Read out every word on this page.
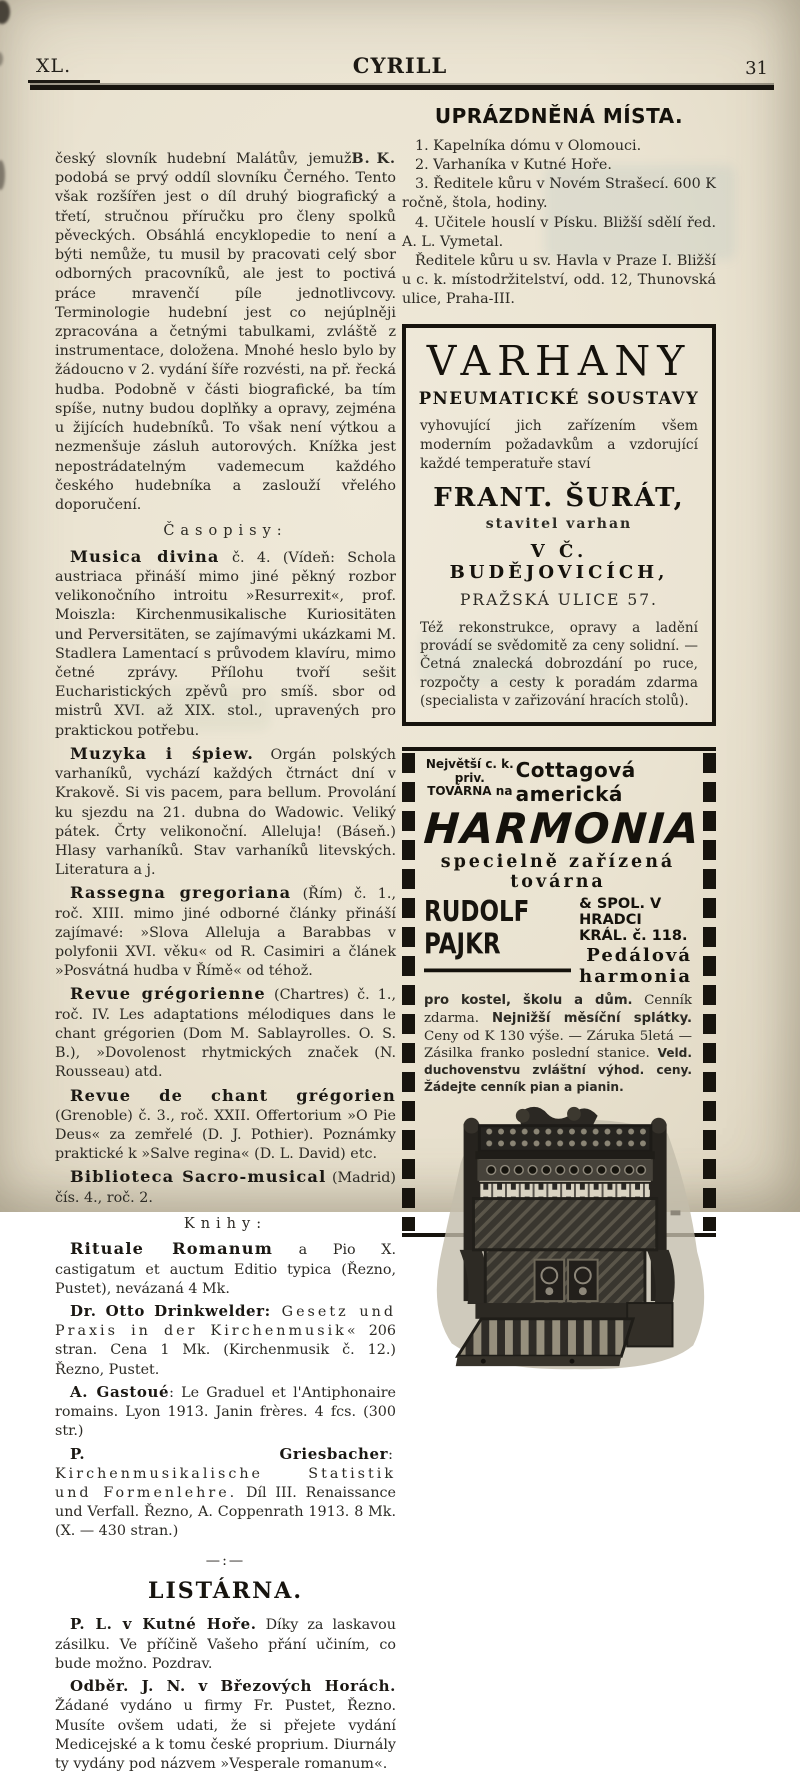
XL.	CYRILL	31

B. K.
český slovník hudební Malátův, jemuž podobá se prvý oddíl slovníku Černého. Tento však rozšířen jest o díl druhý biografický a třetí, stručnou příručku pro členy spolků pěveckých. Obsáhlá encyklopedie to není a býti nemůže, tu musil by pracovati celý sbor odborných pracovníků, ale jest to poctivá práce mravenčí píle jednotlivcovy. Terminologie hudební jest co nejúplněji zpracována a četnými tabulkami, zvláště z instrumentace, doložena. Mnohé heslo bylo by žádoucno v 2. vydání šíře rozvésti, na př. řecká hudba. Podobně v části biografické, ba tím spíše, nutny budou doplňky a opravy, zejména u žijících hudebníků. To však není výtkou a nezmenšuje zásluh autorových. Knížka jest nepostrádatelným vademecum každého českého hudebníka a zaslouží vřelého doporučení.

Časopisy:

Musica divina č. 4. (Vídeň: Schola austriaca přináší mimo jiné pěkný rozbor velikonočního introitu »Resurrexit«, prof. Moiszla: Kirchenmusikalische Kuriositäten und Perversitäten, se zajímavými ukázkami M. Stadlera Lamentací s průvodem klavíru, mimo četné zprávy. Přílohu tvoří sešit Eucharistických zpěvů pro smíš. sbor od mistrů XVI. až XIX. stol., upravených pro praktickou potřebu.

Muzyka i śpiew. Orgán polských varhaníků, vychází každých čtrnáct dní v Krakově. Si vis pacem, para bellum. Provolání ku sjezdu na 21. dubna do Wadowic. Veliký pátek. Črty velikonoční. Alleluja! (Báseň.) Hlasy varhaníků. Stav varhaníků litevských. Literatura a j.

Rassegna gregoriana (Řím) č. 1., roč. XIII. mimo jiné odborné články přináší zajímavé: »Slova Alleluja a Barabbas v polyfonii XVI. věku« od R. Casimiri a článek »Posvátná hudba v Římě« od téhož.

Revue grégorienne (Chartres) č. 1., roč. IV. Les adaptations mélodiques dans le chant grégorien (Dom M. Sablayrolles. O. S. B.), »Dovolenost rhytmických značek (N. Rousseau) atd.

Revue de chant grégorien (Grenoble) č. 3., roč. XXII. Offertorium »O Pie Deus« za zemřelé (D. J. Pothier). Poznámky praktické k »Salve regina« (D. L. David) etc.

Biblioteca Sacro-musical (Madrid) čís. 4., roč. 2.

Knihy:

Rituale Romanum a Pio X. castigatum et auctum Editio typica (Řezno, Pustet), nevázaná 4 Mk.

Dr. Otto Drinkwelder: Gesetz und Praxis in der Kirchenmusik« 206 stran. Cena 1 Mk. (Kirchenmusik č. 12.) Řezno, Pustet.

A. Gastoué: Le Graduel et l'Antiphonaire romains. Lyon 1913. Janin frères. 4 fcs. (300 str.)

P. Griesbacher: Kirchenmusikalische Statistik und Formenlehre. Díl III. Renaissance und Verfall. Řezno, A. Coppenrath 1913. 8 Mk. (X. — 430 stran.)

—:—

LISTÁRNA.

P. L. v Kutné Hoře. Díky za laskavou zásilku. Ve příčině Vašeho přání učiním, co bude možno. Pozdrav.

Odběr. J. N. v Březových Horách. Žádané vydáno u firmy Fr. Pustet, Řezno. Musíte ovšem udati, že si přejete vydání Medicejské a k tomu české proprium. Diurnály ty vydány pod názvem »Vesperale romanum«.

UPRÁZDNĚNÁ MÍSTA.

1. Kapelníka dómu v Olomouci.

2. Varhaníka v Kutné Hoře.

3. Ředitele kůru v Novém Strašecí. 600 K ročně, štola, hodiny.

4. Učitele houslí v Písku. Bližší sdělí řed. A. L. Vymetal.

Ředitele kůru u sv. Havla v Praze I. Bližší u c. k. místodržitelství, odd. 12, Thunovská ulice, Praha-III.

VARHANY
PNEUMATICKÉ SOUSTAVY
vyhovující jich zařízením všem moderním požadavkům a vzdorující každé temperatuře staví
FRANT. ŠURÁT,
stavitel varhan
V Č. BUDĚJOVICÍCH,
PRAŽSKÁ ULICE 57.
Též rekonstrukce, opravy a ladění provádí se svědomitě za ceny solidní. — Četná znalecká dobrozdání po ruce, rozpočty a cesty k poradám zdarma (specialista v zařizování hracích stolů).
Největší c. k. priv.
TOVÁRNA na
Cottagová americká
HARMONIA
specielně zařízená továrna
RUDOLF PAJKR
& SPOL. V HRADCI KRÁL. č. 118.
Pedálová harmonia
pro kostel, školu a dům. Cenník zdarma. Nejnižší měsíční splátky. Ceny od K 130 výše. — Záruka 5letá — Zásilka franko poslední stanice. Veld. duchovenstvu zvláštní výhod. ceny. Žádejte cenník pian a pianin.
